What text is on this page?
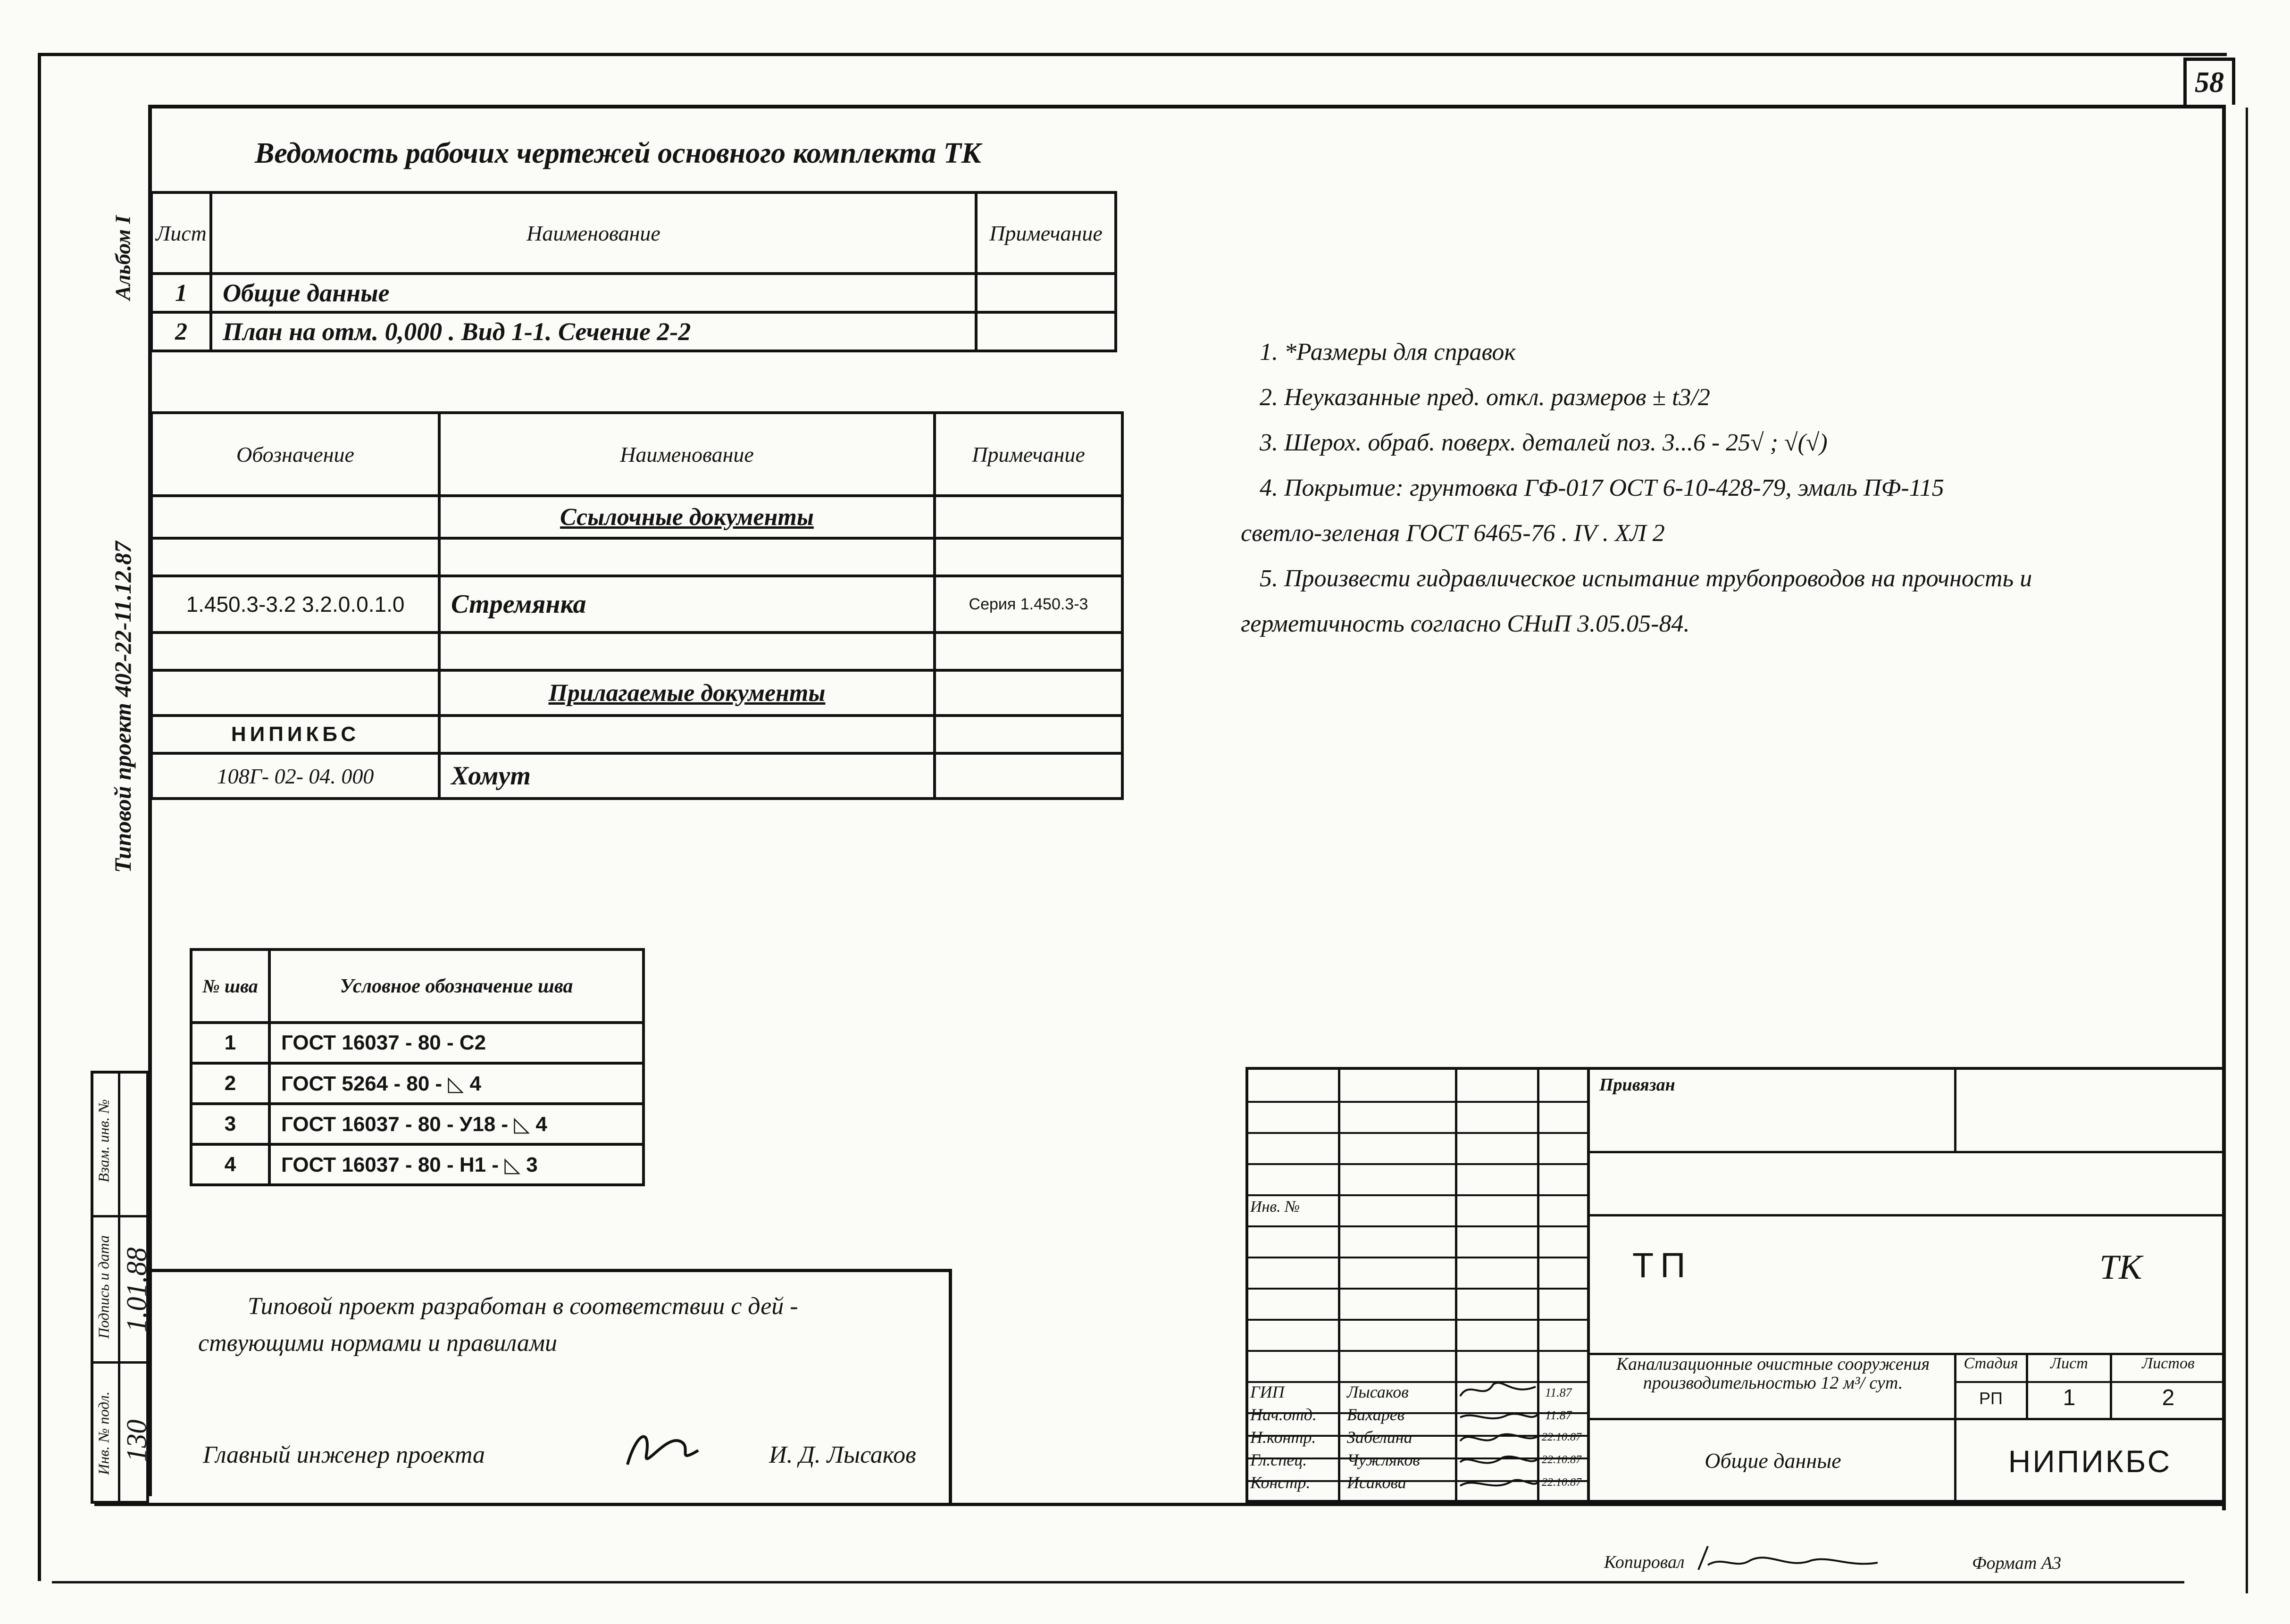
58
Альбом I
Типовой проект 402-22-11.12.87
Ведомость рабочих чертежей основного комплекта ТК
Лист	Наименование	Примечание
1	Общие данные	
2	План на отм. 0,000 . Вид 1-1. Сечение 2-2	
Обозначение	Наименование	Примечание
	Ссылочные документы	

1.450.3-3.2 3.2.0.0.1.0	Стремянка	Серия 1.450.3-3

	Прилагаемые документы	
НИПИКБС		
108Г- 02- 04. 000	Хомут	
1. *Размеры для справок
2. Неуказанные пред. откл. размеров ± t3/2
3. Шерох. обраб. поверх. деталей поз. 3...6 - 25√ ; √(√)
4. Покрытие: грунтовка ГФ-017 ОСТ 6-10-428-79, эмаль ПФ-115
светло-зеленая ГОСТ 6465-76 . IV . ХЛ 2
5. Произвести гидравлическое испытание трубопроводов на прочность и
герметичность согласно СНиП 3.05.05-84.
№ шва	Условное обозначение шва
1	ГОСТ 16037 - 80 - С2
2	ГОСТ 5264 - 80 - ◺ 4
3	ГОСТ 16037 - 80 - У18 - ◺ 4
4	ГОСТ 16037 - 80 - Н1 - ◺ 3
Взам. инв. №
Подпись и дата 1.01.88
Инв. № подл. 130
Типовой проект разработан в соответствии с дей -
ствующими нормами и правилами
Главный инженер проекта	И. Д. Лысаков
Инв. №
ГИП	Лысаков	11.87
Нач.отд. Бахарев	11.87
Н.контр. Забелина	22.10.87
Гл.спец. Чужляков	22.10.87
Констр. Исакова	22.10.87
Привязан
ТП	ТК
Канализационные очистные сооружения производительностью 12 м³/ сут.
Стадия	Лист	Листов
РП	1	2
Общие данные	НИПИКБС
Копировал	Формат А3
